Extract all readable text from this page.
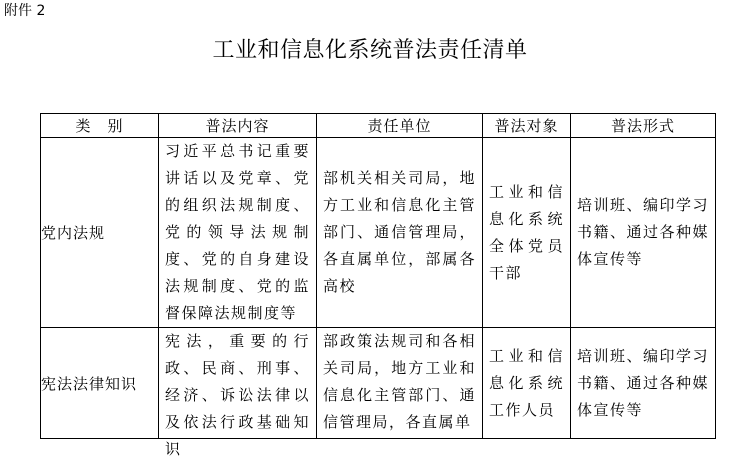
附件 2
工业和信息化系统普法责任清单
类　别	普法内容	责任单位	普法对象	普法形式
党内法规	习近平总书记重要讲话以及党章、党的组织法规制度、党的领导法规制度、党的自身建设法规制度、党的监督保障法规制度等	部机关相关司局，地方工业和信息化主管部门、通信管理局，各直属单位，部属各高校	工业和信息化系统全体党员干部	培训班、编印学习书籍、通过各种媒体宣传等

宪法法律知识	宪法，重要的行政、民商、刑事、经济、诉讼法律以及依法行政基础知识	部政策法规司和各相关司局，地方工业和信息化主管部门、通信管理局，各直属单	工业和信息化系统工作人员	培训班、编印学习书籍、通过各种媒体宣传等
